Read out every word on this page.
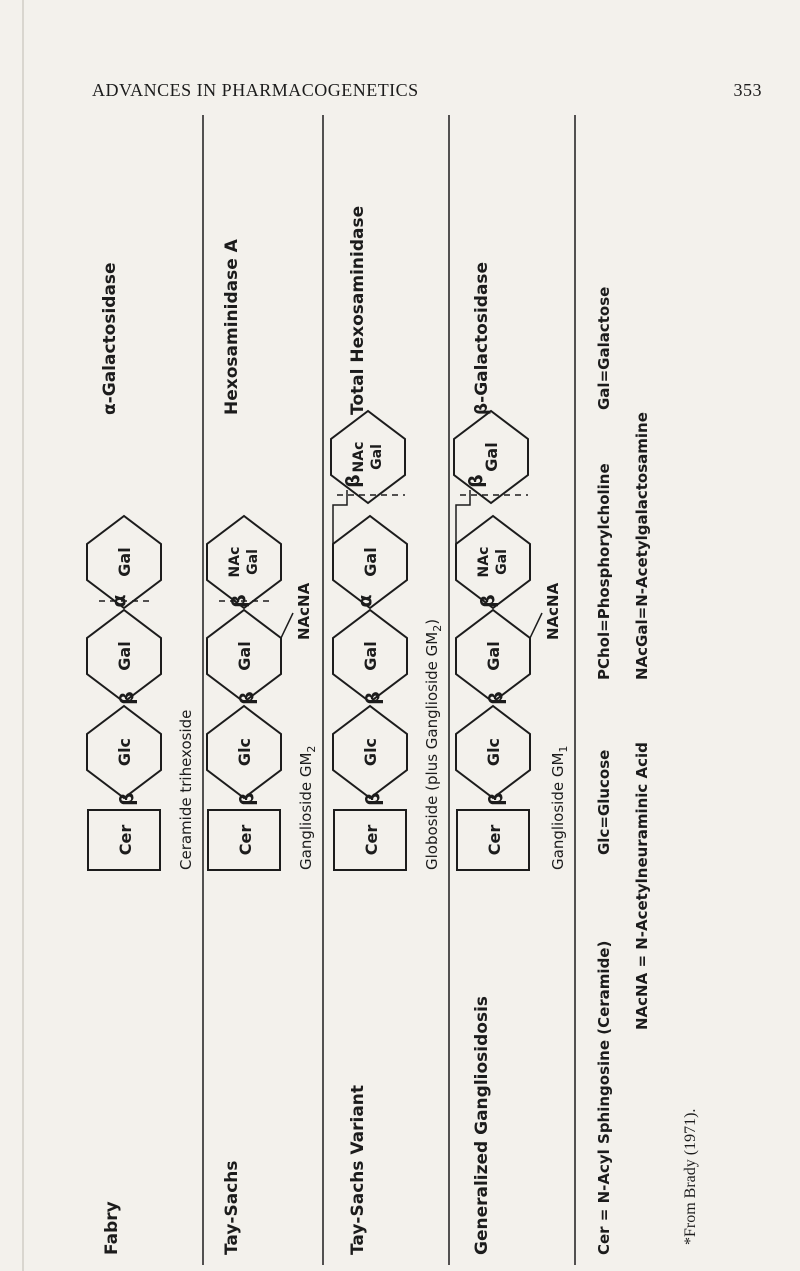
ADVANCES IN PHARMACOGENETICS	353
Fabry
α-Galactosidase
Cer
β
Glc
β
Gal
α
Gal
Ceramide trihexoside
Tay-Sachs
Hexosaminidase A
Cer
β
Glc
β
Gal
β
NAc Gal
NAcNA
Ganglioside $GM_2$
Tay-Sachs Variant
Total Hexosaminidase
Cer
β
Glc
β
Gal
α
Gal
β
NAc Gal
Globoside (plus Ganglioside $GM_2$)
Generalized Gangliosidosis
β-Galactosidase
Cer
β
Glc
β
Gal
β
NAc Gal
β
Gal
NAcNA
Ganglioside $GM_1$
Cer = N-Acyl Sphingosine (Ceramide)
Glc=Glucose
PChol=Phosphorylcholine
Gal=Galactose
NAcNA = N-Acetylneuraminic Acid
NAcGal=N-Acetylgalactosamine
*From Brady (1971).
